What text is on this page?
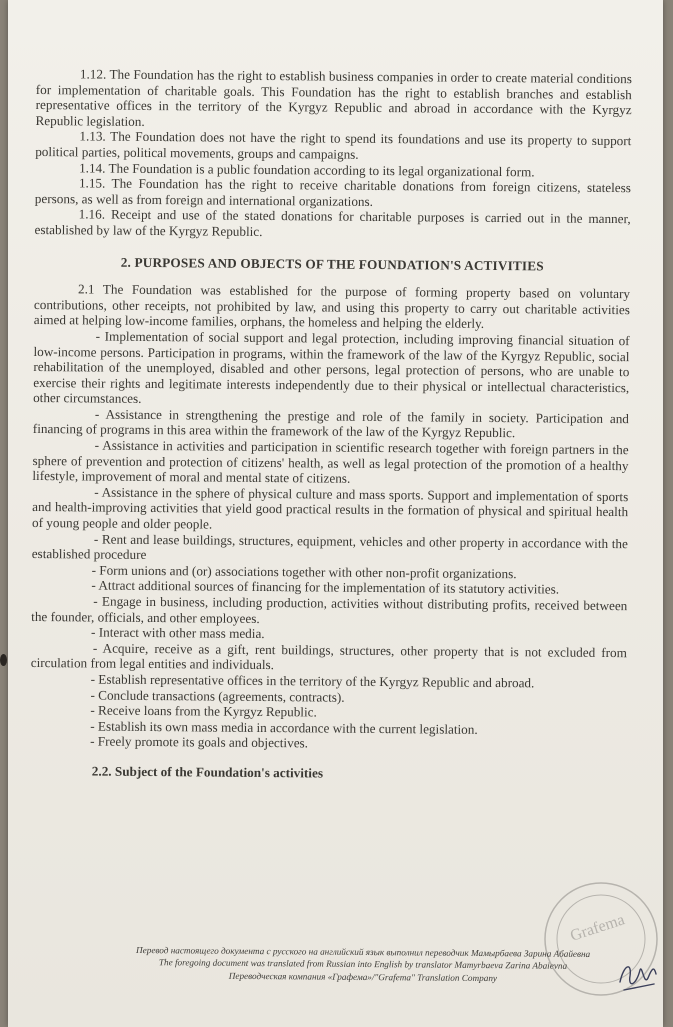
1.12. The Foundation has the right to establish business companies in order to create material conditions for implementation of charitable goals. This Foundation has the right to establish branches and establish representative offices in the territory of the Kyrgyz Republic and abroad in accordance with the Kyrgyz Republic legislation.

1.13. The Foundation does not have the right to spend its foundations and use its property to support political parties, political movements, groups and campaigns.

1.14. The Foundation is a public foundation according to its legal organizational form.

1.15. The Foundation has the right to receive charitable donations from foreign citizens, stateless persons, as well as from foreign and international organizations.

1.16. Receipt and use of the stated donations for charitable purposes is carried out in the manner, established by law of the Kyrgyz Republic.

2. PURPOSES AND OBJECTS OF THE FOUNDATION'S ACTIVITIES

2.1 The Foundation was established for the purpose of forming property based on voluntary contributions, other receipts, not prohibited by law, and using this property to carry out charitable activities aimed at helping low-income families, orphans, the homeless and helping the elderly.

- Implementation of social support and legal protection, including improving financial situation of low-income persons. Participation in programs, within the framework of the law of the Kyrgyz Republic, social rehabilitation of the unemployed, disabled and other persons, legal protection of persons, who are unable to exercise their rights and legitimate interests independently due to their physical or intellectual characteristics, other circumstances.

- Assistance in strengthening the prestige and role of the family in society. Participation and financing of programs in this area within the framework of the law of the Kyrgyz Republic.

- Assistance in activities and participation in scientific research together with foreign partners in the sphere of prevention and protection of citizens' health, as well as legal protection of the promotion of a healthy lifestyle, improvement of moral and mental state of citizens.

- Assistance in the sphere of physical culture and mass sports. Support and implementation of sports and health-improving activities that yield good practical results in the formation of physical and spiritual health of young people and older people.

- Rent and lease buildings, structures, equipment, vehicles and other property in accordance with the established procedure

- Form unions and (or) associations together with other non-profit organizations.

- Attract additional sources of financing for the implementation of its statutory activities.

- Engage in business, including production, activities without distributing profits, received between the founder, officials, and other employees.

- Interact with other mass media.

- Acquire, receive as a gift, rent buildings, structures, other property that is not excluded from circulation from legal entities and individuals.

- Establish representative offices in the territory of the Kyrgyz Republic and abroad.

- Conclude transactions (agreements, contracts).

- Receive loans from the Kyrgyz Republic.

- Establish its own mass media in accordance with the current legislation.

- Freely promote its goals and objectives.

2.2. Subject of the Foundation's activities
Grafema
Перевод настоящего документа с русского на английский язык выполнил переводчик Мамырбаева Зарина Абайевна
The foregoing document was translated from Russian into English by translator Mamyrbaeva Zarina Abaievna
Переводческая компания «Графема»/"Grafema" Translation Company
